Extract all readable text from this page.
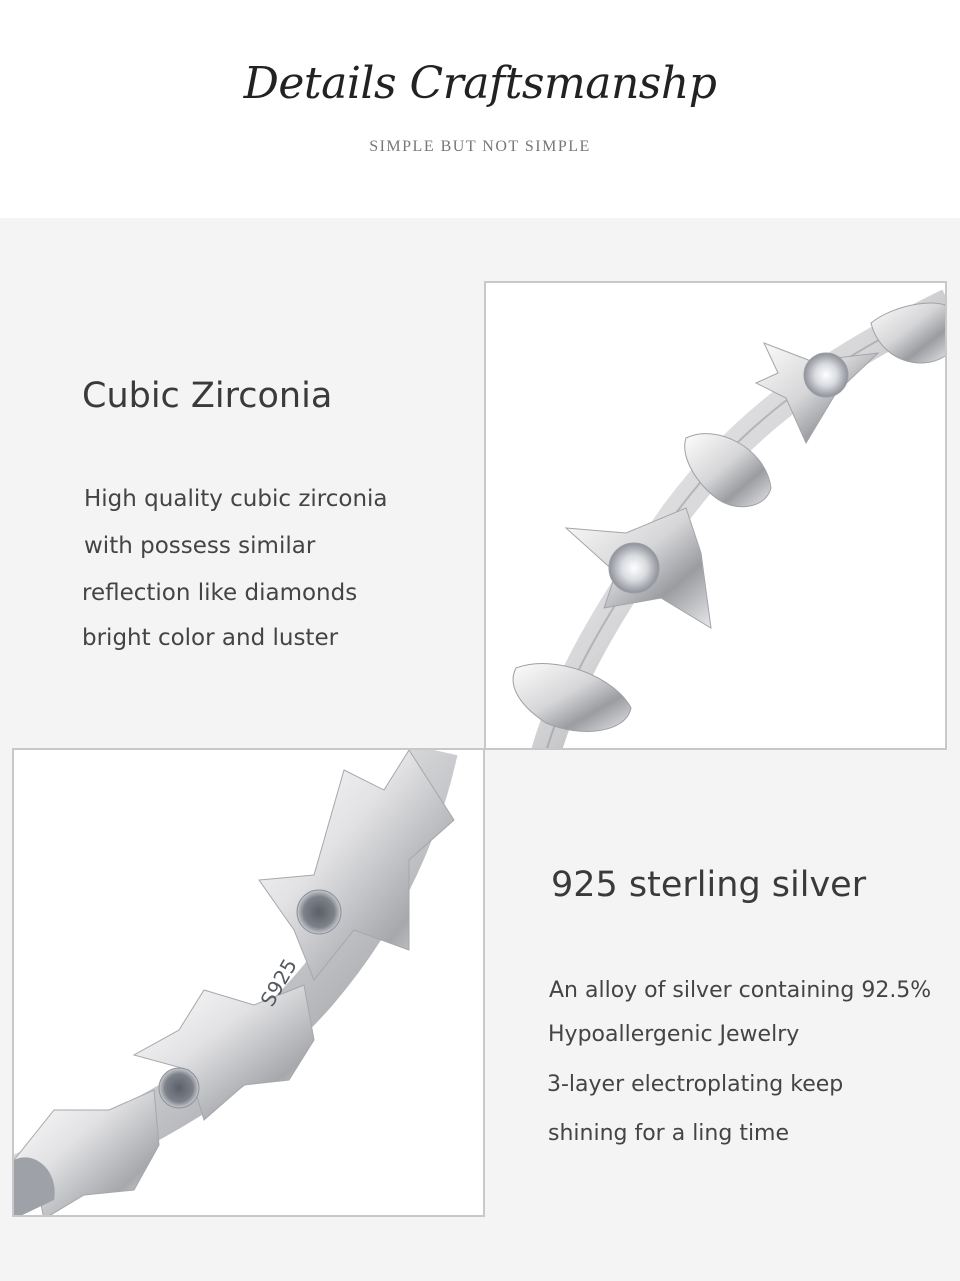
Details Craftsmanshp
SIMPLE BUT NOT SIMPLE
Cubic Zirconia
High quality cubic zirconia
with possess similar
reflection like diamonds
bright color and luster
S925
925 sterling silver
An alloy of silver containing 92.5%
Hypoallergenic Jewelry
3-layer electroplating keep
shining for a ling time
